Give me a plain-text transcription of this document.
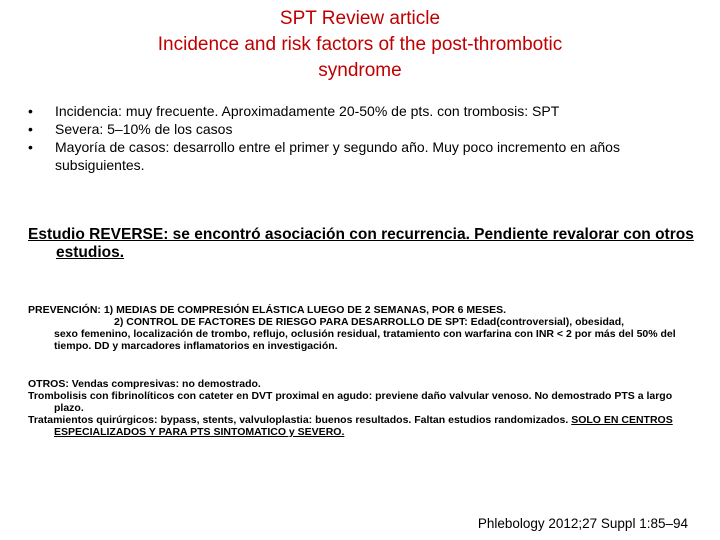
SPT Review article
Incidence and risk factors of the post-thrombotic
syndrome
•	Incidencia: muy frecuente. Aproximadamente 20-50% de pts. con trombosis: SPT
•	Severa: 5–10% de los casos
•	Mayoría de casos: desarrollo entre el primer y segundo año. Muy poco incremento en años subsiguientes.
Estudio REVERSE: se encontró asociación con recurrencia. Pendiente revalorar con otros estudios.
PREVENCIÓN: 1) MEDIAS DE COMPRESIÓN ELÁSTICA LUEGO DE 2 SEMANAS, POR 6 MESES.
2) CONTROL DE FACTORES DE RIESGO PARA DESARROLLO DE SPT: Edad(controversial), obesidad,
sexo femenino, localización de trombo, reflujo, oclusión residual, tratamiento con warfarina con INR < 2 por más del 50% del tiempo. DD y marcadores inflamatorios en investigación.
OTROS: Vendas compresivas: no demostrado.
Trombolisis con fibrinolíticos con cateter en DVT proximal en agudo: previene daño valvular venoso. No demostrado PTS a largo plazo.
Tratamientos quirúrgicos: bypass, stents, valvuloplastia: buenos resultados. Faltan estudios randomizados. SOLO EN CENTROS ESPECIALIZADOS Y PARA PTS SINTOMATICO y SEVERO.
Phlebology 2012;27 Suppl 1:85–94
